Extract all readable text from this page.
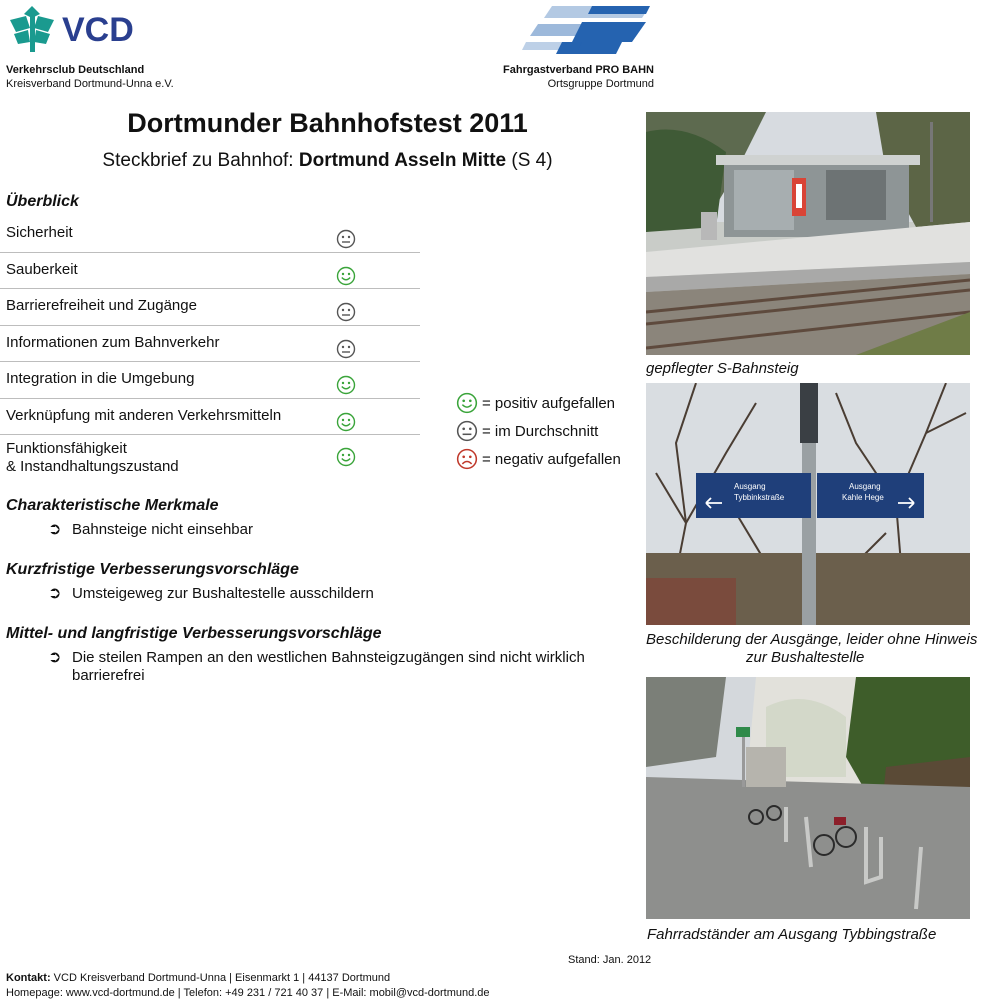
VCD
Verkehrsclub Deutschland
Kreisverband Dortmund-Unna e.V.
Fahrgastverband PRO BAHN
Ortsgruppe Dortmund
Dortmunder Bahnhofstest 2011
Steckbrief zu Bahnhof: Dortmund Asseln Mitte (S 4)
Überblick
Sicherheit
Sauberkeit
Barrierefreiheit und Zugänge
Informationen zum Bahnverkehr
Integration in die Umgebung
Verknüpfung mit anderen Verkehrsmitteln
Funktionsfähigkeit
& Instandhaltungszustand
= positiv aufgefallen
= im Durchschnitt
= negativ aufgefallen
Charakteristische Merkmale
➲ Bahnsteige nicht einsehbar
Kurzfristige Verbesserungsvorschläge
➲ Umsteigeweg zur Bushaltestelle ausschildern
Mittel- und langfristige Verbesserungsvorschläge
➲ Die steilen Rampen an den westlichen Bahnsteigzugängen sind nicht wirklich barrierefrei
gepflegter S-Bahnsteig
Ausgang
Tybbinkstraße
Ausgang
Kahle Hege
Beschilderung der Ausgänge, leider ohne Hinweis
zur Bushaltestelle
Fahrradständer am Ausgang Tybbingstraße
Stand: Jan. 2012
Kontakt: VCD Kreisverband Dortmund-Unna | Eisenmarkt 1 | 44137 Dortmund
Homepage: www.vcd-dortmund.de | Telefon: +49 231 / 721 40 37 | E-Mail: mobil@vcd-dortmund.de
